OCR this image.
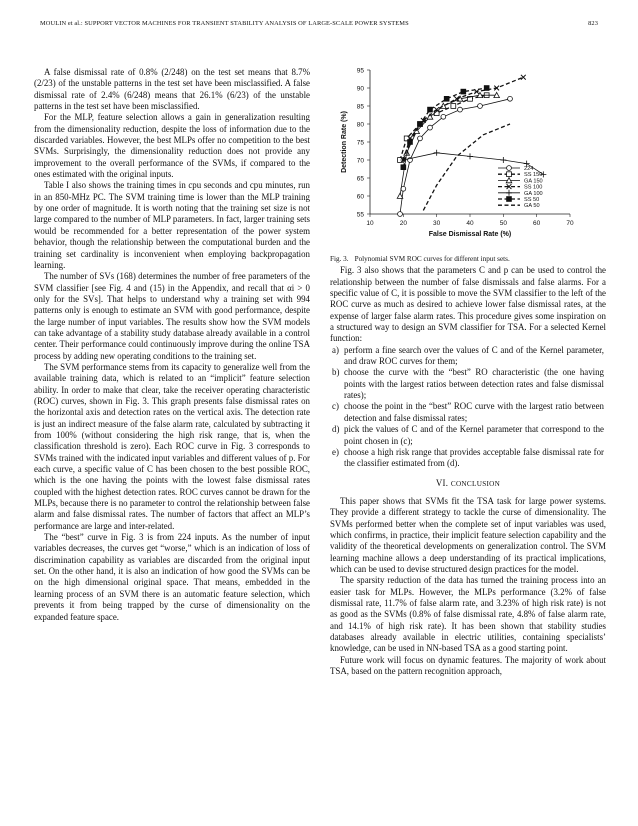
MOULIN et al.: SUPPORT VECTOR MACHINES FOR TRANSIENT STABILITY ANALYSIS OF LARGE-SCALE POWER SYSTEMS	823

A false dismissal rate of 0.8% (2/248) on the test set means that 8.7% (2/23) of the unstable patterns in the test set have been misclassified. A false dismissal rate of 2.4% (6/248) means that 26.1% (6/23) of the unstable patterns in the test set have been misclassified.

For the MLP, feature selection allows a gain in generalization resulting from the dimensionality reduction, despite the loss of information due to the discarded variables. However, the best MLPs offer no competition to the best SVMs. Surprisingly, the dimensionality reduction does not provide any improvement to the overall performance of the SVMs, if compared to the ones estimated with the original inputs.

Table I also shows the training times in cpu seconds and cpu minutes, run in an 850-MHz PC. The SVM training time is lower than the MLP training by one order of magnitude. It is worth noting that the training set size is not large compared to the number of MLP parameters. In fact, larger training sets would be recommended for a better representation of the power system behavior, though the relationship between the computational burden and the training set cardinality is inconvenient when employing backpropagation learning.

The number of SVs (168) determines the number of free parameters of the SVM classifier [see Fig. 4 and (15) in the Appendix, and recall that αi > 0 only for the SVs]. That helps to understand why a training set with 994 patterns only is enough to estimate an SVM with good performance, despite the large number of input variables. The results show how the SVM models can take advantage of a stability study database already available in a control center. Their performance could continuously improve during the online TSA process by adding new operating conditions to the training set.

The SVM performance stems from its capacity to generalize well from the available training data, which is related to an “implicit” feature selection ability. In order to make that clear, take the receiver operating characteristic (ROC) curves, shown in Fig. 3. This graph presents false dismissal rates on the horizontal axis and detection rates on the vertical axis. The detection rate is just an indirect measure of the false alarm rate, calculated by subtracting it from 100% (without considering the high risk range, that is, when the classification threshold is zero). Each ROC curve in Fig. 3 corresponds to SVMs trained with the indicated input variables and different values of p. For each curve, a specific value of C has been chosen to the best possible ROC, which is the one having the points with the lowest false dismissal rates coupled with the highest detection rates. ROC curves cannot be drawn for the MLPs, because there is no parameter to control the relationship between false alarm and false dismissal rates. The number of factors that affect an MLP’s performance are large and inter-related.

The “best” curve in Fig. 3 is from 224 inputs. As the number of input variables decreases, the curves get “worse,” which is an indication of loss of discrimination capability as variables are discarded from the original input set. On the other hand, it is also an indication of how good the SVMs can be on the high dimensional original space. That means, embedded in the learning process of an SVM there is an automatic feature selection, which prevents it from being trapped by the curse of dimensionality on the expanded feature space.

10	20	30	40	50	60	70
55
60
65
70
75
80
85
90
95
False Dismissal Rate (%)
Detection Rate (%)	224
SS 150
GA 150
SS 100
GA 100
SS 50
GA 50

Fig. 3. Polynomial SVM ROC curves for different input sets.

Fig. 3 also shows that the parameters C and p can be used to control the relationship between the number of false dismissals and false alarms. For a specific value of C, it is possible to move the SVM classifier to the left of the ROC curve as much as desired to achieve lower false dismissal rates, at the expense of larger false alarm rates. This procedure gives some inspiration on a structured way to design an SVM classifier for TSA. For a selected Kernel function:

a) perform a fine search over the values of C and of the Kernel parameter, and draw ROC curves for them;
b) choose the curve with the “best” RO characteristic (the one having points with the largest ratios between detection rates and false dismissal rates);
c) choose the point in the “best” ROC curve with the largest ratio between detection and false dismissal rates;
d) pick the values of C and of the Kernel parameter that correspond to the point chosen in (c);
e) choose a high risk range that provides acceptable false dismissal rate for the classifier estimated from (d).
VI. CONCLUSION

This paper shows that SVMs fit the TSA task for large power systems. They provide a different strategy to tackle the curse of dimensionality. The SVMs performed better when the complete set of input variables was used, which confirms, in practice, their implicit feature selection capability and the validity of the theoretical developments on generalization control. The SVM learning machine allows a deep understanding of its practical implications, which can be used to devise structured design practices for the model.

The sparsity reduction of the data has turned the training process into an easier task for MLPs. However, the MLPs performance (3.2% of false dismissal rate, 11.7% of false alarm rate, and 3.23% of high risk rate) is not as good as the SVMs (0.8% of false dismissal rate, 4.8% of false alarm rate, and 14.1% of high risk rate). It has been shown that stability studies databases already available in electric utilities, containing specialists’ knowledge, can be used in NN-based TSA as a good starting point.

Future work will focus on dynamic features. The majority of work about TSA, based on the pattern recognition approach,
